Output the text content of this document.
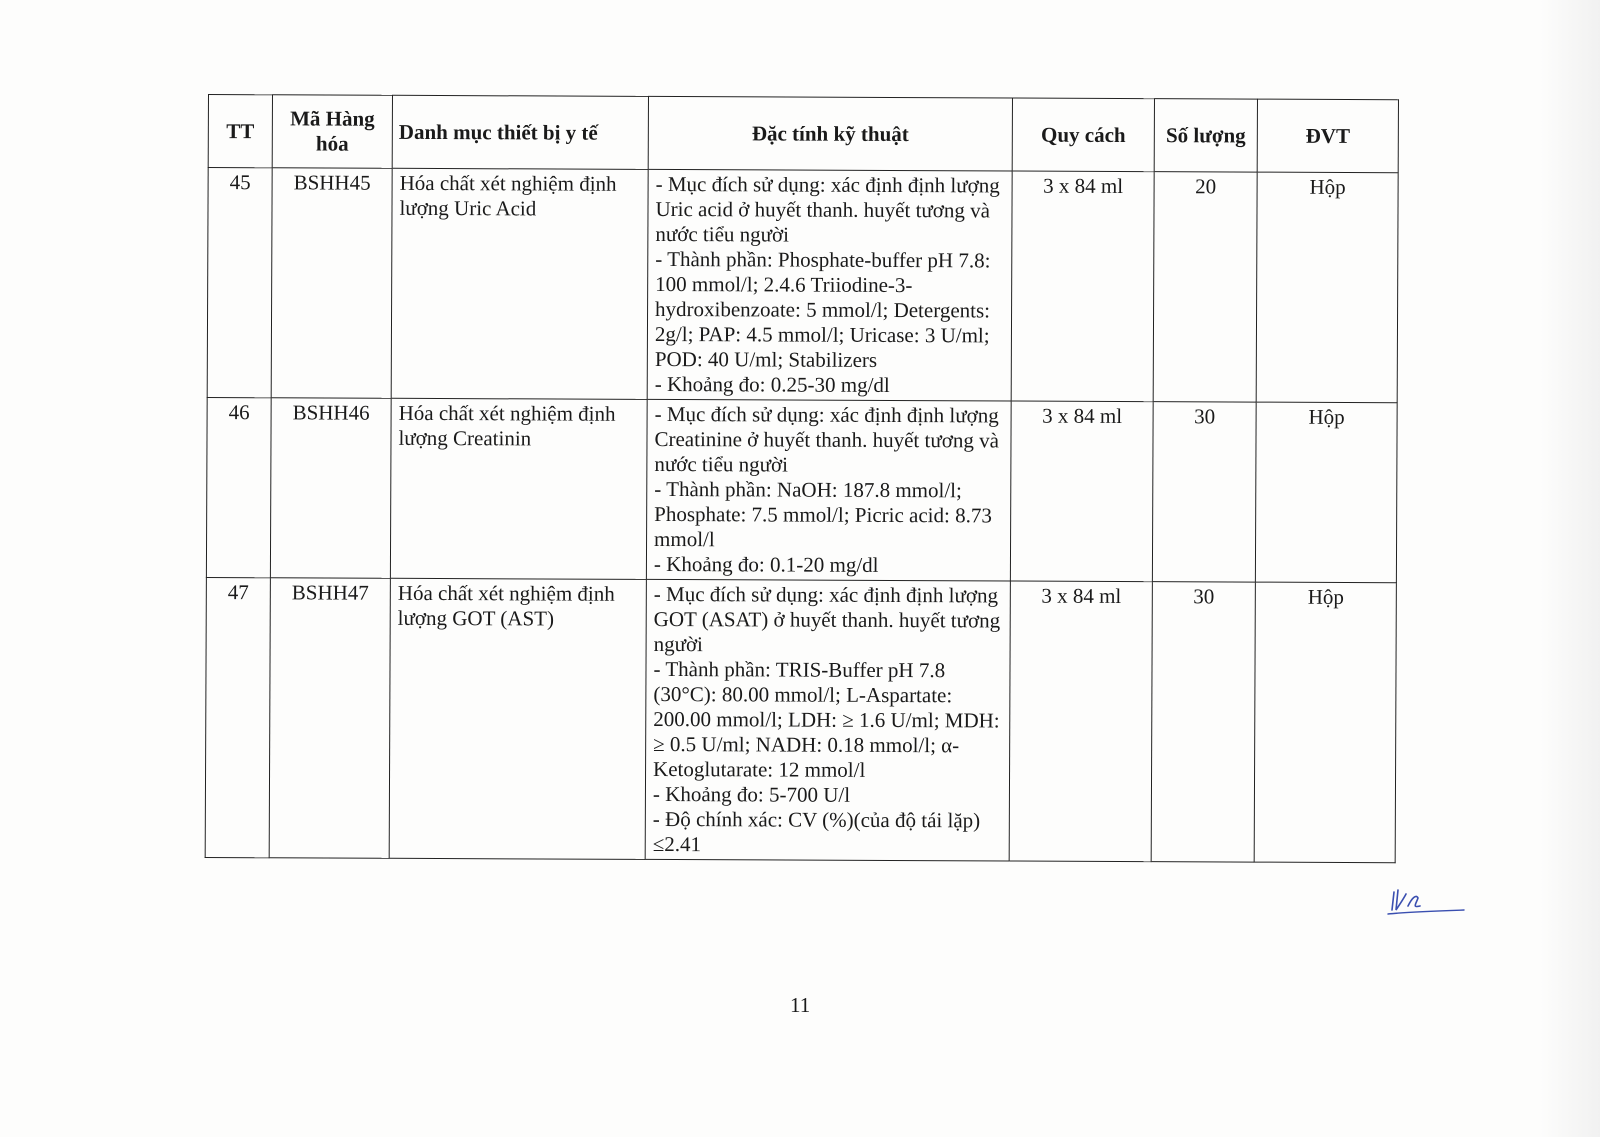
TT	Mã Hàng hóa	Danh mục thiết bị y tế	Đặc tính kỹ thuật	Quy cách	Số lượng	ĐVT
45	BSHH45	Hóa chất xét nghiệm định lượng Uric Acid	- Mục đích sử dụng: xác định định lượng Uric acid ở huyết thanh. huyết tương và nước tiểu người
- Thành phần: Phosphate-buffer pH 7.8: 100 mmol/l; 2.4.6 Triiodine-3-hydroxibenzoate: 5 mmol/l; Detergents: 2g/l; PAP: 4.5 mmol/l; Uricase: 3 U/ml; POD: 40 U/ml; Stabilizers
- Khoảng đo: 0.25-30 mg/dl	3 x 84 ml	20	Hộp
46	BSHH46	Hóa chất xét nghiệm định lượng Creatinin	- Mục đích sử dụng: xác định định lượng Creatinine ở huyết thanh. huyết tương và nước tiểu người
- Thành phần: NaOH: 187.8 mmol/l; Phosphate: 7.5 mmol/l; Picric acid: 8.73 mmol/l
- Khoảng đo: 0.1-20 mg/dl	3 x 84 ml	30	Hộp
47	BSHH47	Hóa chất xét nghiệm định lượng GOT (AST)	- Mục đích sử dụng: xác định định lượng GOT (ASAT) ở huyết thanh. huyết tương người
- Thành phần: TRIS-Buffer pH 7.8 (30°C): 80.00 mmol/l; L-Aspartate: 200.00 mmol/l; LDH: ≥ 1.6 U/ml; MDH: ≥ 0.5 U/ml; NADH: 0.18 mmol/l; α-Ketoglutarate: 12 mmol/l
- Khoảng đo: 5-700 U/l
- Độ chính xác: CV (%)(của độ tái lặp) ≤2.41	3 x 84 ml	30	Hộp
11
